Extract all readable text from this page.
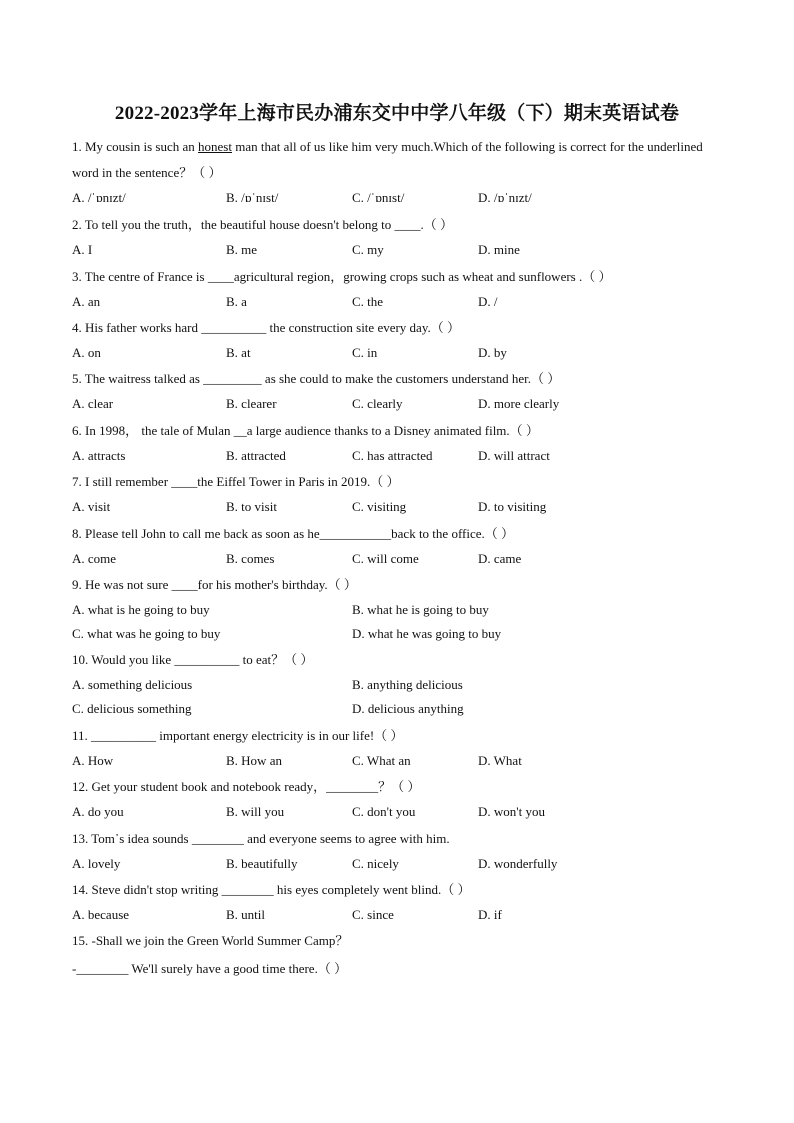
2022-2023学年上海市民办浦东交中中学八年级（下）期末英语试卷
1. My cousin is such an honest man that all of us like him very much.Which of the following is correct for the underlined word in the sentence？（ ）
A. /ˈɒnɪzt/	B. /ɒˈnɪst/	C. /ˈɒnɪst/	D. /ɒˈnɪzt/
2. To tell you the truth，the beautiful house doesn't belong to ____.（ ）
A. I	B. me	C. my	D. mine
3. The centre of France is ____agricultural region，growing crops such as wheat and sunflowers .（ ）
A. an	B. a	C. the	D. /
4. His father works hard __________ the construction site every day.（ ）
A. on	B. at	C. in	D. by
5. The waitress talked as _________ as she could to make the customers understand her.（ ）
A. clear	B. clearer	C. clearly	D. more clearly
6. In 1998， the tale of Mulan __a large audience thanks to a Disney animated film.（ ）
A. attracts	B. attracted	C. has attracted	D. will attract
7. I still remember ____the Eiffel Tower in Paris in 2019.（ ）
A. visit	B. to visit	C. visiting	D. to visiting
8. Please tell John to call me back as soon as he___________back to the office.（ ）
A. come	B. comes	C. will come	D. came
9. He was not sure ____for his mother's birthday.（ ）
A. what is he going to buy	B. what he is going to buy
C. what was he going to buy	D. what he was going to buy
10. Would you like __________ to eat？（ ）
A. something delicious	B. anything delicious
C. delicious something	D. delicious anything
11. __________ important energy electricity is in our life!（ ）
A. How	B. How an	C. What an	D. What
12. Get your student book and notebook ready，________？（ ）
A. do you	B. will you	C. don't you	D. won't you
13. Tom᾿s idea sounds ________ and everyone seems to agree with him.
A. lovely	B. beautifully	C. nicely	D. wonderfully
14. Steve didn't stop writing ________ his eyes completely went blind.（ ）
A. because	B. until	C. since	D. if
15. -Shall we join the Green World Summer Camp？
-________ We'll surely have a good time there.（ ）
